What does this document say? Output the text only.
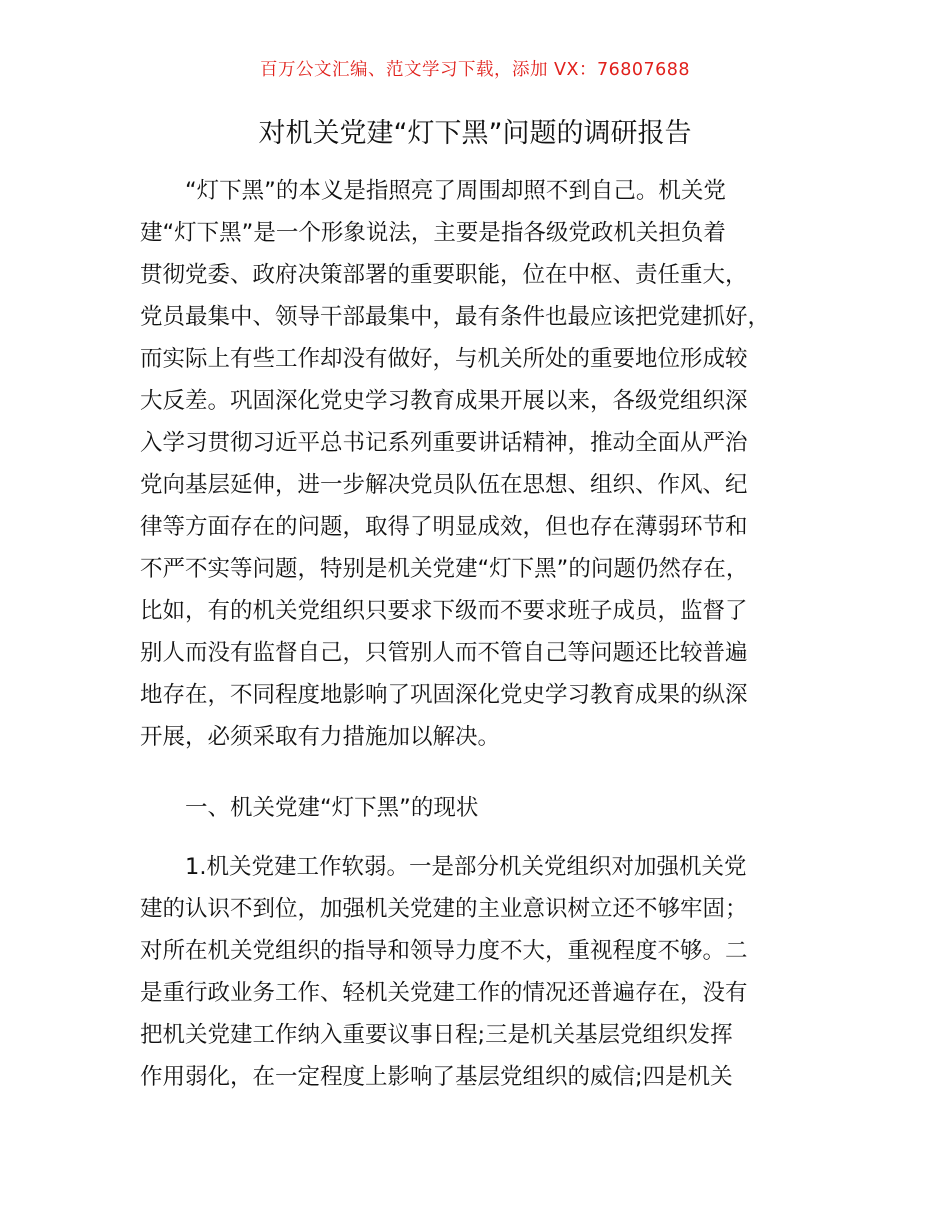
百万公文汇编、范文学习下载，添加 VX：76807688
对机关党建“灯下黑”问题的调研报告
“灯下黑”的本义是指照亮了周围却照不到自己。机关党
建“灯下黑”是一个形象说法，主要是指各级党政机关担负着
贯彻党委、政府决策部署的重要职能，位在中枢、责任重大，
党员最集中、领导干部最集中，最有条件也最应该把党建抓好，
而实际上有些工作却没有做好，与机关所处的重要地位形成较
大反差。巩固深化党史学习教育成果开展以来，各级党组织深
入学习贯彻习近平总书记系列重要讲话精神，推动全面从严治
党向基层延伸，进一步解决党员队伍在思想、组织、作风、纪
律等方面存在的问题，取得了明显成效，但也存在薄弱环节和
不严不实等问题，特别是机关党建“灯下黑”的问题仍然存在，
比如，有的机关党组织只要求下级而不要求班子成员，监督了
别人而没有监督自己，只管别人而不管自己等问题还比较普遍
地存在，不同程度地影响了巩固深化党史学习教育成果的纵深
开展，必须采取有力措施加以解决。
一、机关党建“灯下黑”的现状
1.机关党建工作软弱。一是部分机关党组织对加强机关党
建的认识不到位，加强机关党建的主业意识树立还不够牢固；
对所在机关党组织的指导和领导力度不大，重视程度不够。二
是重行政业务工作、轻机关党建工作的情况还普遍存在，没有
把机关党建工作纳入重要议事日程;三是机关基层党组织发挥
作用弱化，在一定程度上影响了基层党组织的威信;四是机关
